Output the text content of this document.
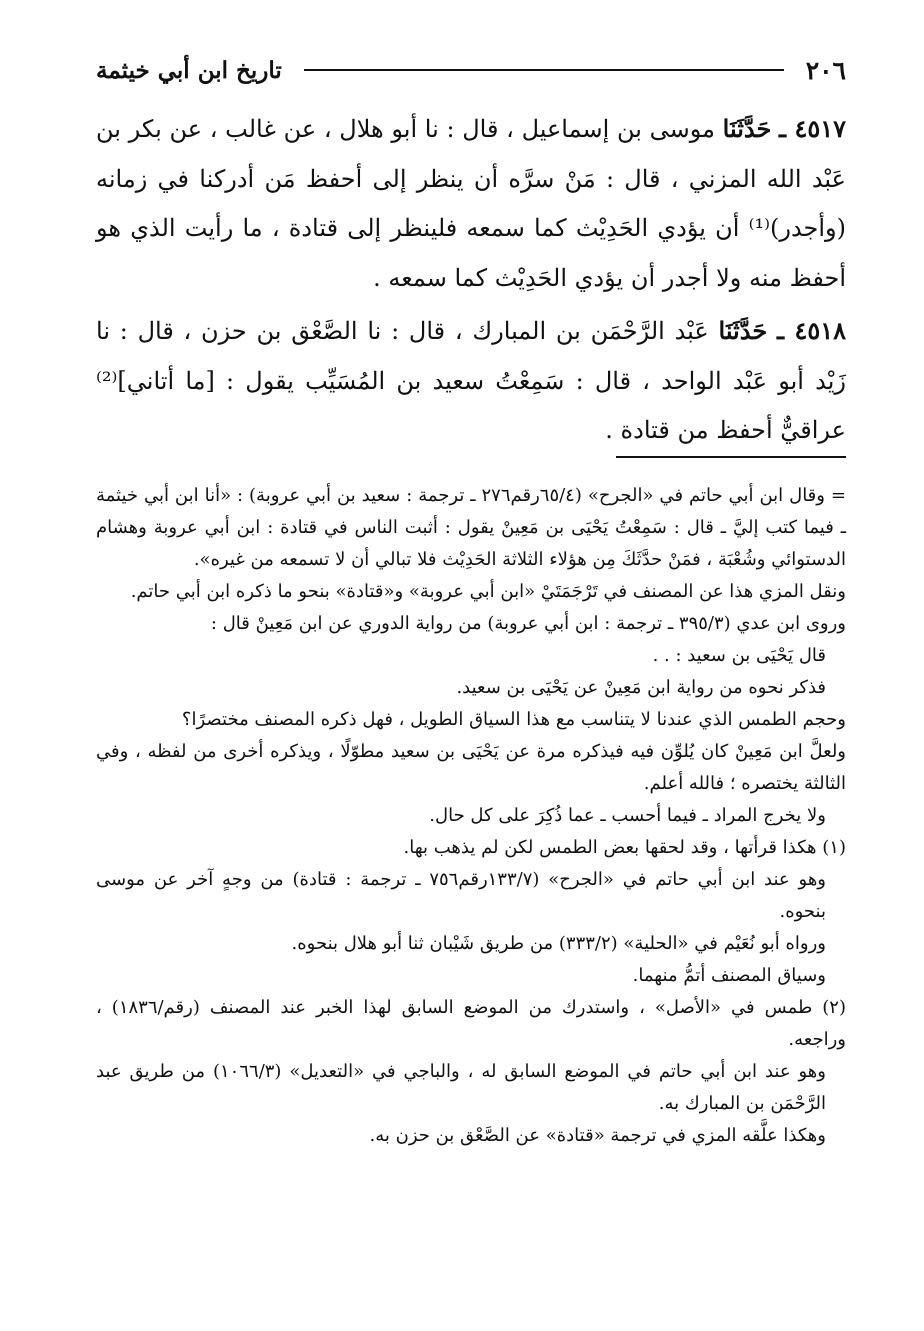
٢٠٦
تاريخ ابن أبي خيثمة

٤٥١٧ ـ حَدَّثَنَا موسى بن إسماعيل ، قال : نا أبو هلال ، عن غالب ، عن بكر بن عَبْد الله المزني ، قال : مَنْ سرَّه أن ينظر إلى أحفظ مَن أدركنا في زمانه (وأجدر)⁽¹⁾ أن يؤدي الحَدِيْث كما سمعه فلينظر إلى قتادة ، ما رأيت الذي هو أحفظ منه ولا أجدر أن يؤدي الحَدِيْث كما سمعه .

٤٥١٨ ـ حَدَّثَنَا عَبْد الرَّحْمَن بن المبارك ، قال : نا الصَّعْق بن حزن ، قال : نا زَيْد أبو عَبْد الواحد ، قال : سَمِعْتُ سعيد بن المُسَيِّب يقول : [ما أتاني]⁽²⁾ عراقيٌّ أحفظ من قتادة .

= وقال ابن أبي حاتم في «الجرح» (٦٥/٤رقم٢٧٦ ـ ترجمة : سعيد بن أبي عروبة) : «أنا ابن أبي خيثمة ـ فيما كتب إليَّ ـ قال : سَمِعْتُ يَحْيَى بن مَعِينْ يقول : أثبت الناس في قتادة : ابن أبي عروبة وهشام الدستوائي وشُعْبَة ، فمَنْ حدَّثَكَ مِن هؤلاء الثلاثة الحَدِيْث فلا تبالي أن لا تسمعه من غيره».

ونقل المزي هذا عن المصنف في تَرْجَمَتَيْ «ابن أبي عروبة» و«قتادة» بنحو ما ذكره ابن أبي حاتم.

وروى ابن عدي (٣٩٥/٣ ـ ترجمة : ابن أبي عروبة) من رواية الدوري عن ابن مَعِينْ قال :

قال يَحْيَى بن سعيد : . .

فذكر نحوه من رواية ابن مَعِينْ عن يَحْيَى بن سعيد.

وحجم الطمس الذي عندنا لا يتناسب مع هذا السياق الطويل ، فهل ذكره المصنف مختصرًا؟

ولعلَّ ابن مَعِينْ كان يُلوِّن فيه فيذكره مرة عن يَحْيَى بن سعيد مطوّلًا ، ويذكره أخرى من لفظه ، وفي الثالثة يختصره ؛ فالله أعلم.

ولا يخرج المراد ـ فيما أحسب ـ عما ذُكِرَ على كل حال.

(١) هكذا قرأتها ، وقد لحقها بعض الطمس لكن لم يذهب بها.

وهو عند ابن أبي حاتم في «الجرح» (١٣٣/٧رقم٧٥٦ ـ ترجمة : قتادة) من وجهٍ آخر عن موسى بنحوه.

ورواه أبو نُعَيْم في «الحلية» (٣٣٣/٢) من طريق شَيْبان ثنا أبو هلال بنحوه.

وسياق المصنف أتمُّ منهما.

(٢) طمس في «الأصل» ، واستدرك من الموضع السابق لهذا الخبر عند المصنف (رقم/١٨٣٦) ، وراجعه.

وهو عند ابن أبي حاتم في الموضع السابق له ، والباجي في «التعديل» (١٠٦٦/٣) من طريق عبد الرَّحْمَن بن المبارك به.

وهكذا علَّقه المزي في ترجمة «قتادة» عن الصَّعْق بن حزن به.
